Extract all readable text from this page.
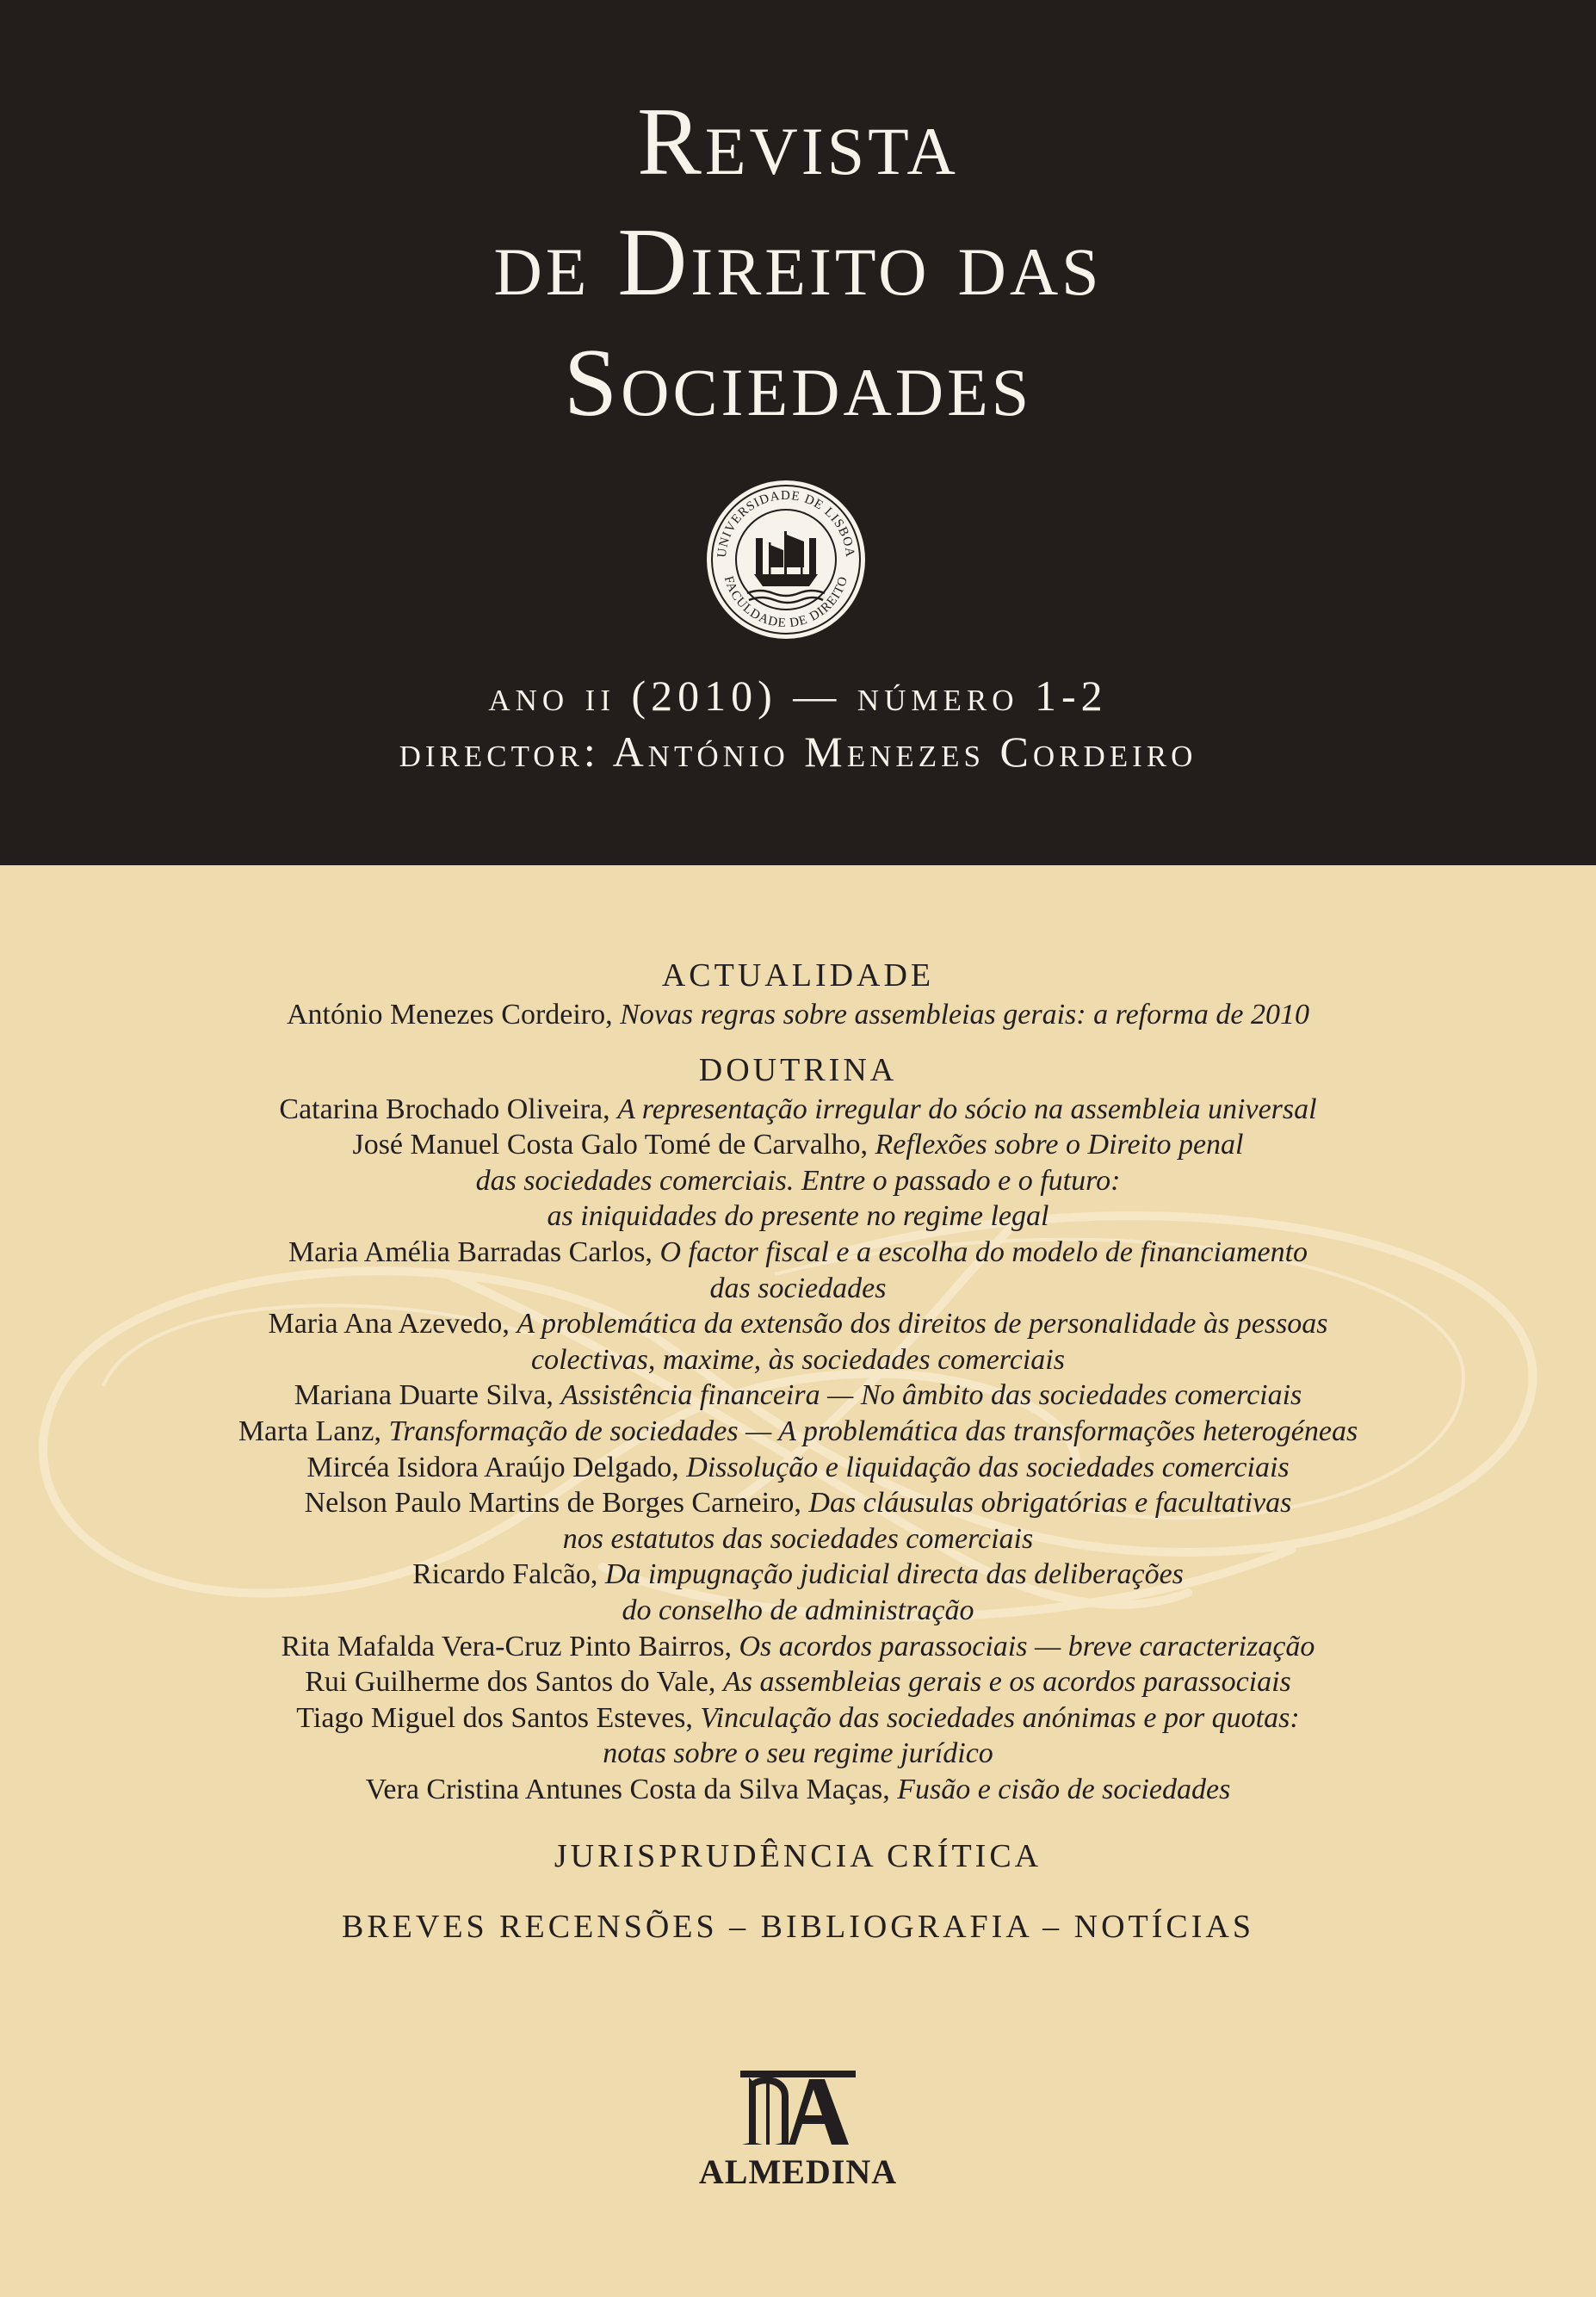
Revista
de Direito das
Sociedades
UNIVERSIDADE DE LISBOA
FACULDADE DE DIREITO
ano ii (2010) — número 1-2
director: António Menezes Cordeiro
ACTUALIDADE
António Menezes Cordeiro, Novas regras sobre assembleias gerais: a reforma de 2010
DOUTRINA
Catarina Brochado Oliveira, A representação irregular do sócio na assembleia universal
José Manuel Costa Galo Tomé de Carvalho, Reflexões sobre o Direito penal
das sociedades comerciais. Entre o passado e o futuro:
as iniquidades do presente no regime legal
Maria Amélia Barradas Carlos, O factor fiscal e a escolha do modelo de financiamento
das sociedades
Maria Ana Azevedo, A problemática da extensão dos direitos de personalidade às pessoas
colectivas, maxime, às sociedades comerciais
Mariana Duarte Silva, Assistência financeira — No âmbito das sociedades comerciais
Marta Lanz, Transformação de sociedades — A problemática das transformações heterogéneas
Mircéa Isidora Araújo Delgado, Dissolução e liquidação das sociedades comerciais
Nelson Paulo Martins de Borges Carneiro, Das cláusulas obrigatórias e facultativas
nos estatutos das sociedades comerciais
Ricardo Falcão, Da impugnação judicial directa das deliberações
do conselho de administração
Rita Mafalda Vera-Cruz Pinto Bairros, Os acordos parassociais — breve caracterização
Rui Guilherme dos Santos do Vale, As assembleias gerais e os acordos parassociais
Tiago Miguel dos Santos Esteves, Vinculação das sociedades anónimas e por quotas:
notas sobre o seu regime jurídico
Vera Cristina Antunes Costa da Silva Maças, Fusão e cisão de sociedades
JURISPRUDÊNCIA CRÍTICA
BREVES RECENSÕES – BIBLIOGRAFIA – NOTÍCIAS
ALMEDINA
